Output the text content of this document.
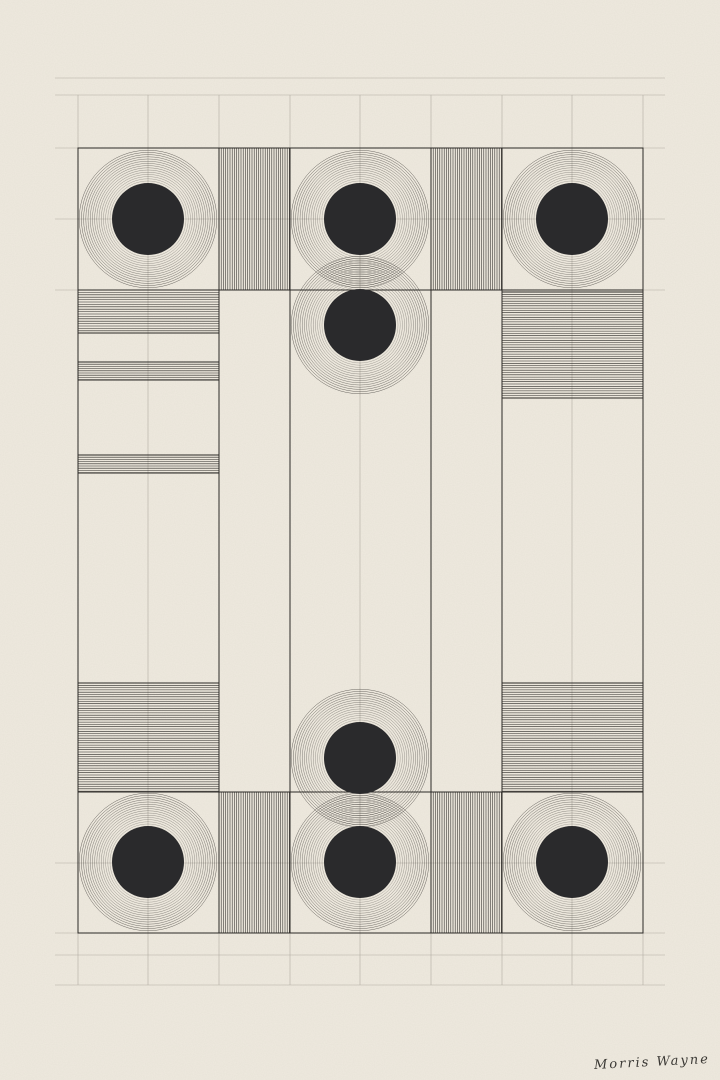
Morris Wayne
